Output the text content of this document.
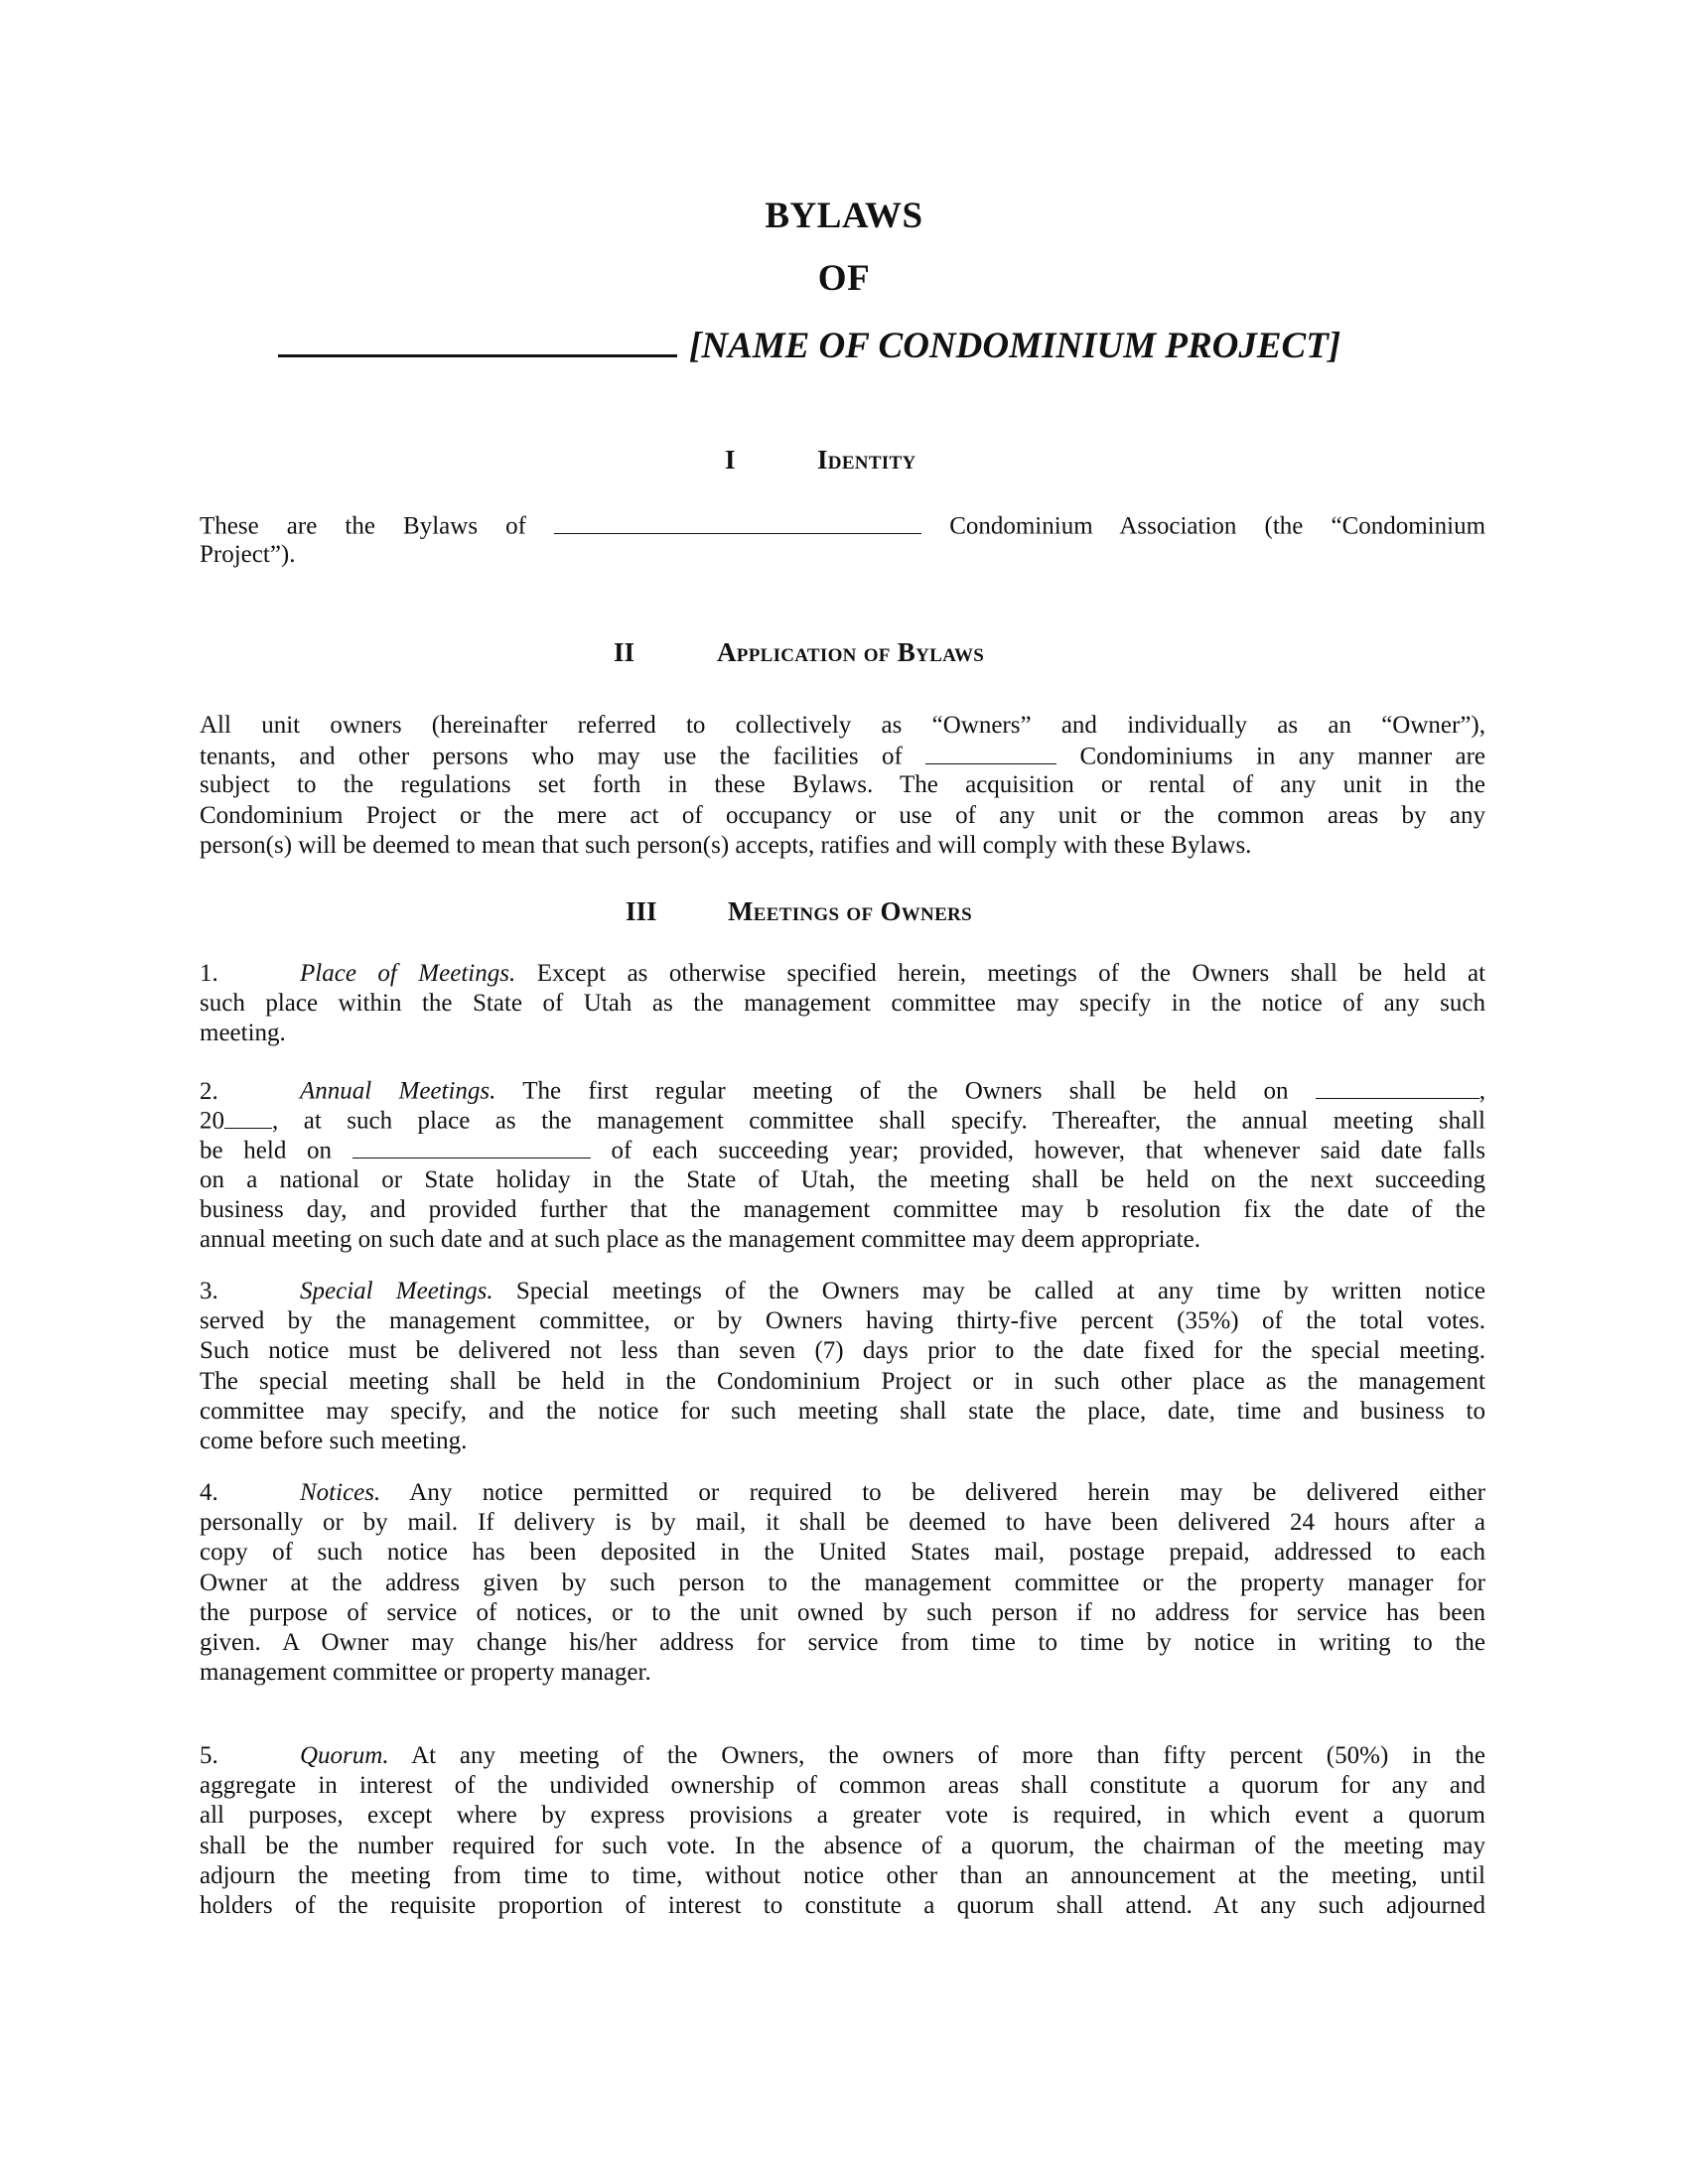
BYLAWS
OF
[NAME OF CONDOMINIUM PROJECT]
I	Identity
These are the Bylaws of	Condominium Association (the “Condominium
Project”).
II	Application of Bylaws
All unit owners (hereinafter referred to collectively as “Owners” and individually as an “Owner”),
tenants, and other persons who may use the facilities of	Condominiums in any manner are
subject to the regulations set forth in these Bylaws. The acquisition or rental of any unit in the
Condominium Project or the mere act of occupancy or use of any unit or the common areas by any
person(s) will be deemed to mean that such person(s) accepts, ratifies and will comply with these Bylaws.
III	Meetings of Owners
1.	Place of Meetings. Except as otherwise specified herein, meetings of the Owners shall be held at
such place within the State of Utah as the management committee may specify in the notice of any such
meeting.
2.	Annual Meetings. The first regular meeting of the Owners shall be held on	,
20 , at such place as the management committee shall specify. Thereafter, the annual meeting shall
be held on	of each succeeding year; provided, however, that whenever said date falls
on a national or State holiday in the State of Utah, the meeting shall be held on the next succeeding
business day, and provided further that the management committee may b resolution fix the date of the
annual meeting on such date and at such place as the management committee may deem appropriate.
3.	Special Meetings. Special meetings of the Owners may be called at any time by written notice
served by the management committee, or by Owners having thirty-five percent (35%) of the total votes.
Such notice must be delivered not less than seven (7) days prior to the date fixed for the special meeting.
The special meeting shall be held in the Condominium Project or in such other place as the management
committee may specify, and the notice for such meeting shall state the place, date, time and business to
come before such meeting.
4.	Notices. Any notice permitted or required to be delivered herein may be delivered either
personally or by mail. If delivery is by mail, it shall be deemed to have been delivered 24 hours after a
copy of such notice has been deposited in the United States mail, postage prepaid, addressed to each
Owner at the address given by such person to the management committee or the property manager for
the purpose of service of notices, or to the unit owned by such person if no address for service has been
given. A Owner may change his/her address for service from time to time by notice in writing to the
management committee or property manager.
5.	Quorum. At any meeting of the Owners, the owners of more than fifty percent (50%) in the
aggregate in interest of the undivided ownership of common areas shall constitute a quorum for any and
all purposes, except where by express provisions a greater vote is required, in which event a quorum
shall be the number required for such vote. In the absence of a quorum, the chairman of the meeting may
adjourn the meeting from time to time, without notice other than an announcement at the meeting, until
holders of the requisite proportion of interest to constitute a quorum shall attend. At any such adjourned
